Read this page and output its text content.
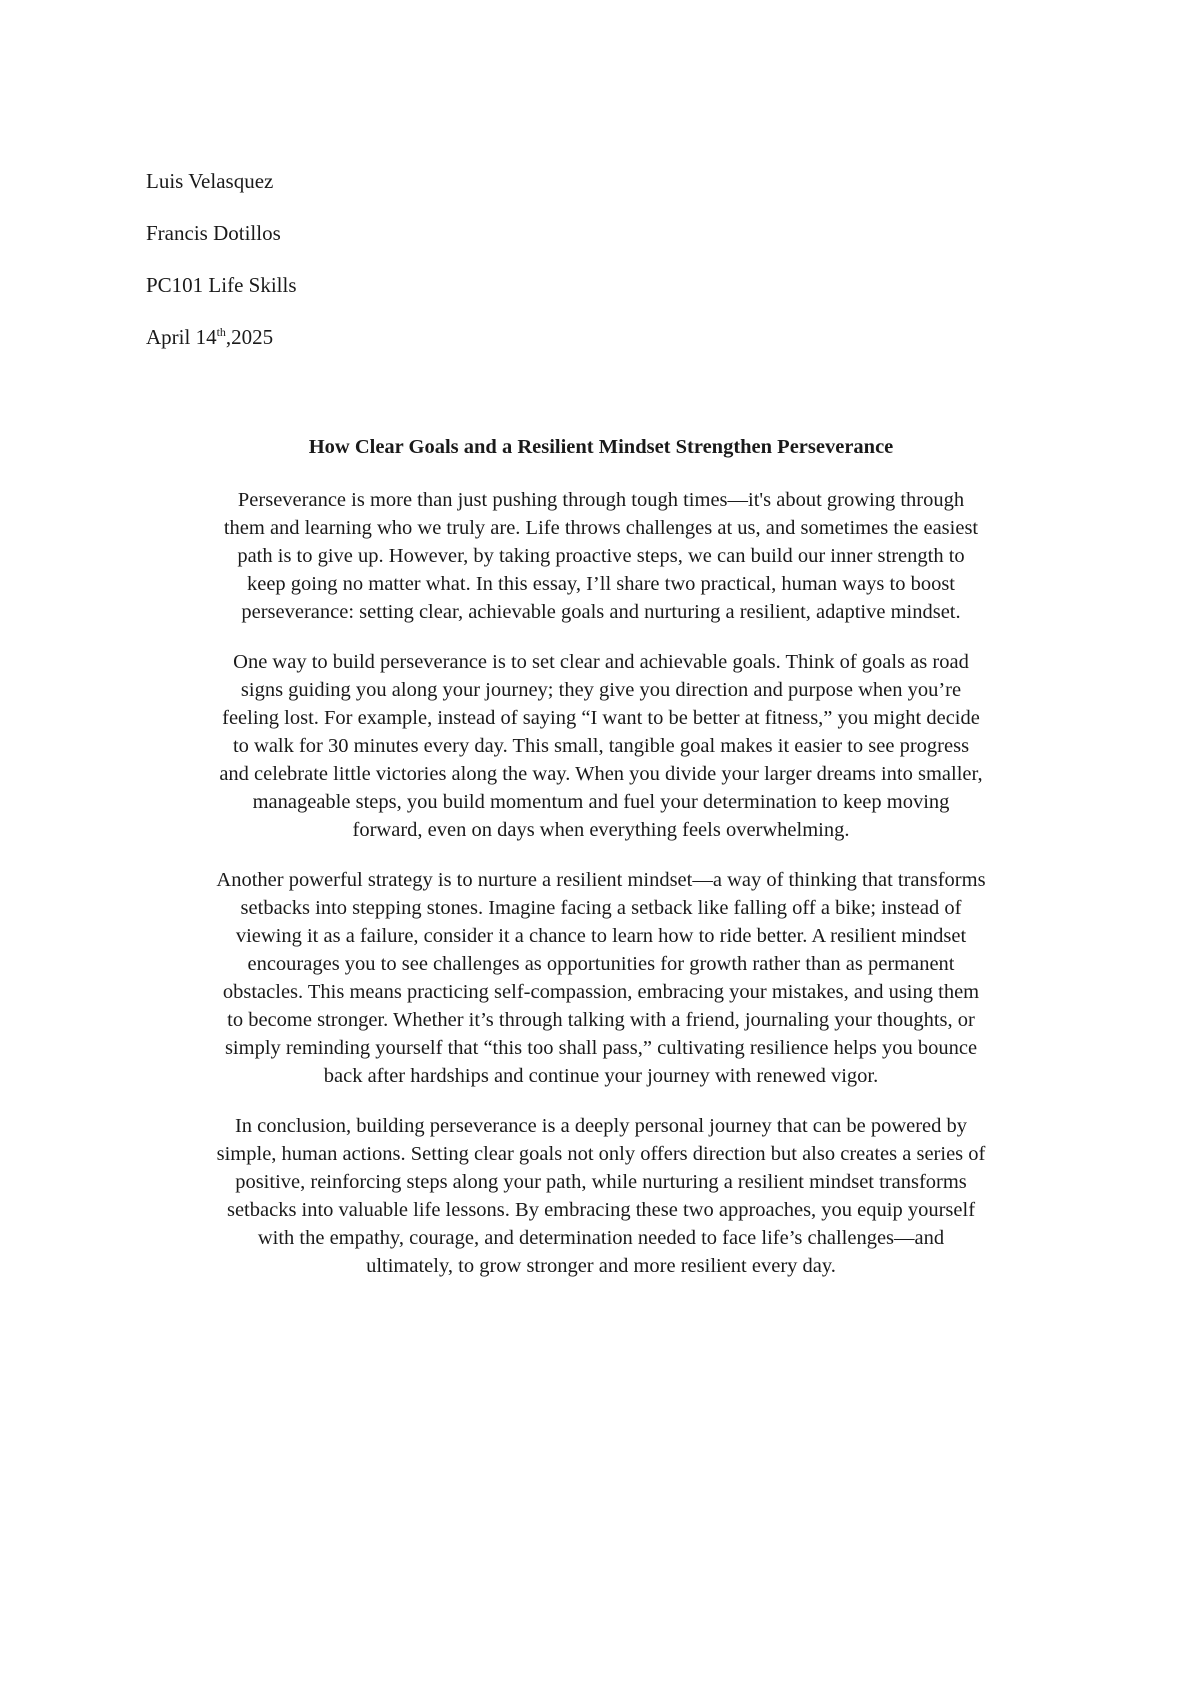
Luis Velasquez
Francis Dotillos
PC101 Life Skills
April 14th,2025
How Clear Goals and a Resilient Mindset Strengthen Perseverance

Perseverance is more than just pushing through tough times—it's about growing through
them and learning who we truly are. Life throws challenges at us, and sometimes the easiest
path is to give up. However, by taking proactive steps, we can build our inner strength to
keep going no matter what. In this essay, I’ll share two practical, human ways to boost
perseverance: setting clear, achievable goals and nurturing a resilient, adaptive mindset.

One way to build perseverance is to set clear and achievable goals. Think of goals as road
signs guiding you along your journey; they give you direction and purpose when you’re
feeling lost. For example, instead of saying “I want to be better at fitness,” you might decide
to walk for 30 minutes every day. This small, tangible goal makes it easier to see progress
and celebrate little victories along the way. When you divide your larger dreams into smaller,
manageable steps, you build momentum and fuel your determination to keep moving
forward, even on days when everything feels overwhelming.

Another powerful strategy is to nurture a resilient mindset—a way of thinking that transforms
setbacks into stepping stones. Imagine facing a setback like falling off a bike; instead of
viewing it as a failure, consider it a chance to learn how to ride better. A resilient mindset
encourages you to see challenges as opportunities for growth rather than as permanent
obstacles. This means practicing self-compassion, embracing your mistakes, and using them
to become stronger. Whether it’s through talking with a friend, journaling your thoughts, or
simply reminding yourself that “this too shall pass,” cultivating resilience helps you bounce
back after hardships and continue your journey with renewed vigor.

In conclusion, building perseverance is a deeply personal journey that can be powered by
simple, human actions. Setting clear goals not only offers direction but also creates a series of
positive, reinforcing steps along your path, while nurturing a resilient mindset transforms
setbacks into valuable life lessons. By embracing these two approaches, you equip yourself
with the empathy, courage, and determination needed to face life’s challenges—and
ultimately, to grow stronger and more resilient every day.
